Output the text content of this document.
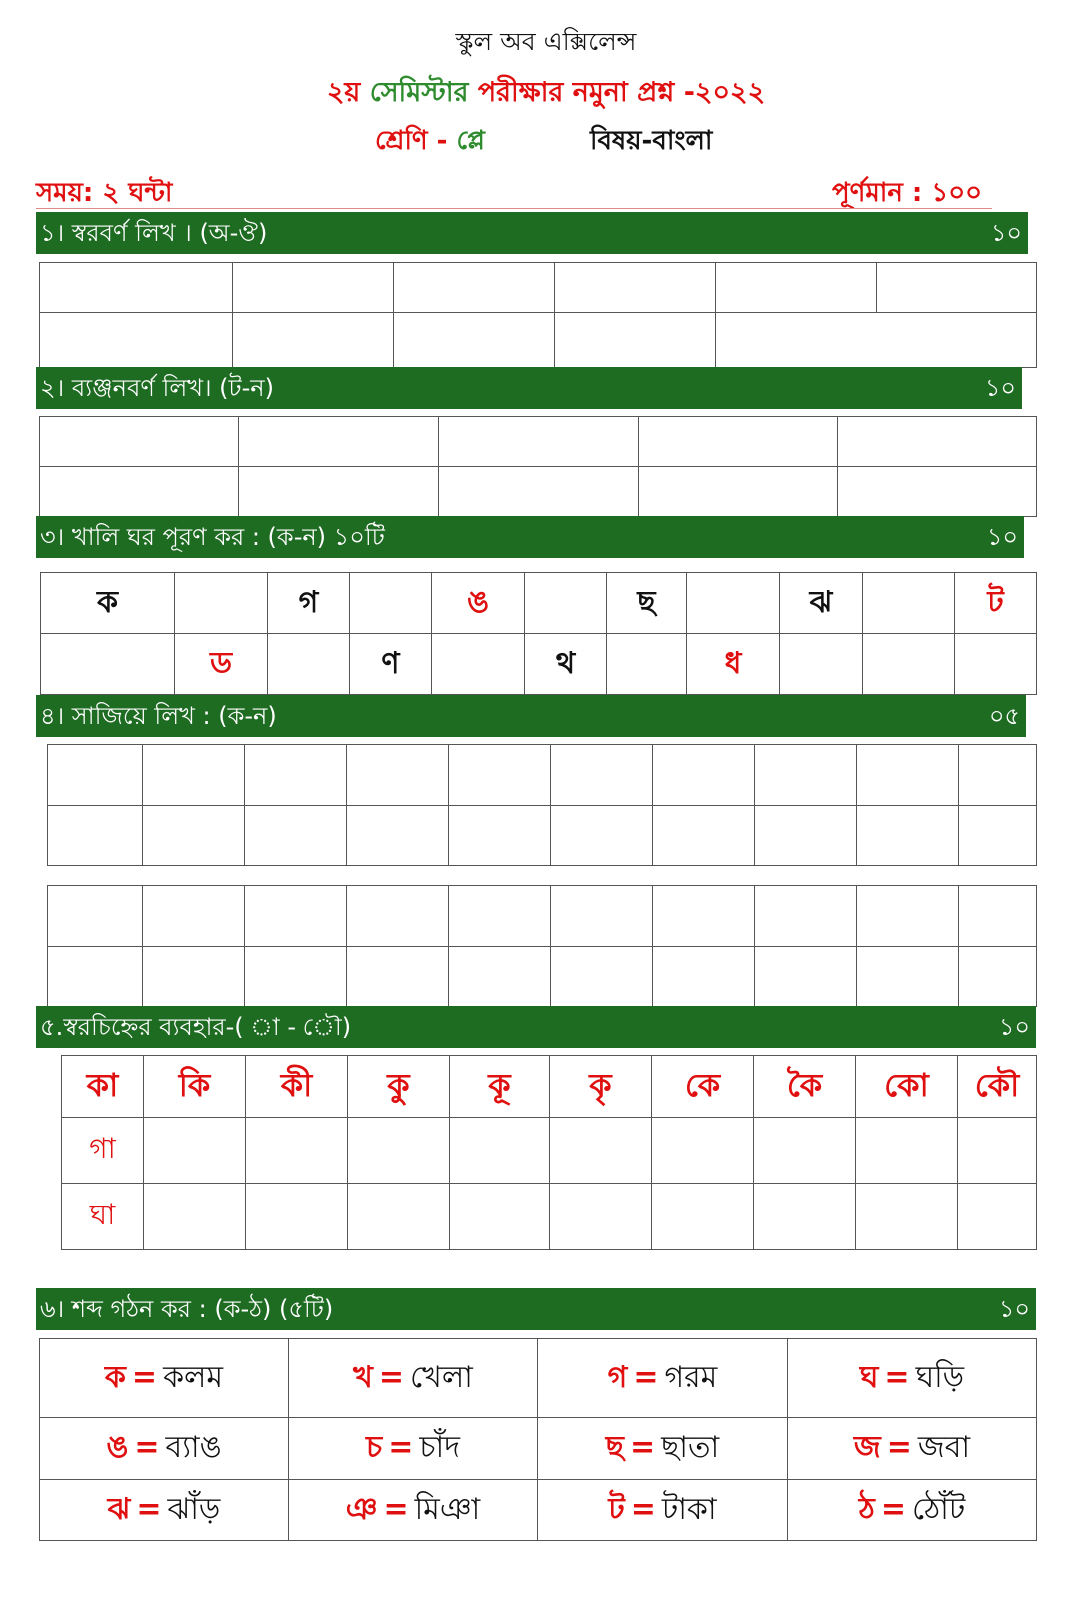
স্কুল অব এক্সিলেন্স
২য় সেমিস্টার পরীক্ষার নমুনা প্রশ্ন -২০২২
শ্রেণি - প্লে	বিষয়-বাংলা
সময়: ২ ঘন্টা	পূর্ণমান : ১০০
১। স্বরবর্ণ লিখ । (অ-ঔ)	১০

২। ব্যঞ্জনবর্ণ লিখ। (ট-ন)	১০

৩। খালি ঘর পূরণ কর : (ক-ন) ১০টি	১০
ক		গ		ঙ		ছ		ঝ		ট
	ড		ণ		থ		ধ			
৪। সাজিয়ে লিখ : (ক-ন)	০৫

৫.স্বরচিহ্নের ব্যবহার-( া - ৌ)	১০
কা	কি	কী	কু	কূ	কৃ	কে	কৈ	কো	কৌ
গা									
ঘা									
৬। শব্দ গঠন কর : (ক-ঠ) (৫টি)	১০
ক = কলম	খ = খেলা	গ = গরম	ঘ = ঘড়ি
ঙ = ব্যাঙ	চ = চাঁদ	ছ = ছাতা	জ = জবা
ঝ = ঝাঁড়	ঞ = মিঞা	ট = টাকা	ঠ = ঠোঁট
